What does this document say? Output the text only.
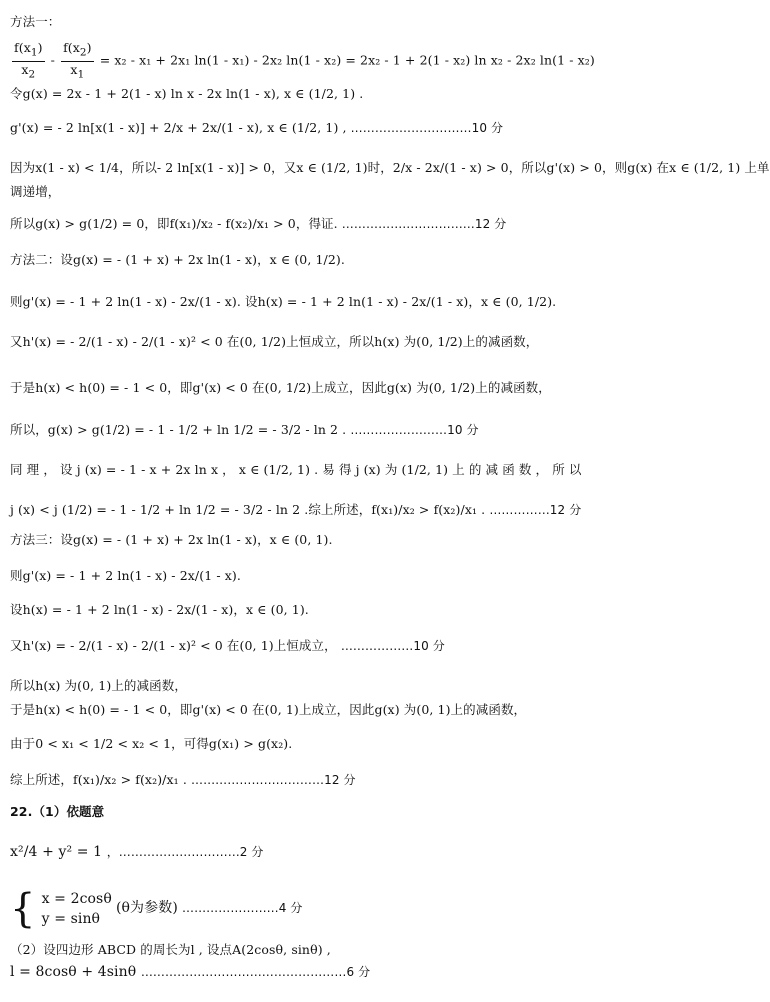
方法一：
$\frac{f(x_1)}{x_2} - \frac{f(x_2)}{x_1} = x_2 - x_1 + 2x_1$ ln(1 - x₁) - 2x₂ ln(1 - x₂) = 2x₂ - 1 + 2(1 - x₂) ln x₂ - 2x₂ ln(1 - x₂)
令g(x) = 2x - 1 + 2(1 - x) ln x - 2x ln(1 - x), x ∈ (1/2, 1) .
g'(x) = - 2 ln[x(1 - x)] + 2/x + 2x/(1 - x), x ∈ (1/2, 1) , …………………………10 分
因为x(1 - x) < 1/4，所以- 2 ln[x(1 - x)] > 0，又x ∈ (1/2, 1)时，2/x - 2x/(1 - x) > 0，所以g'(x) > 0，则g(x) 在x ∈ (1/2, 1) 上单
调递增，
所以g(x) > g(1/2) = 0，即f(x₁)/x₂ - f(x₂)/x₁ > 0，得证. ……………………………12 分
方法二：设g(x) = - (1 + x) + 2x ln(1 - x)，x ∈ (0, 1/2).
则g'(x) = - 1 + 2 ln(1 - x) - 2x/(1 - x). 设h(x) = - 1 + 2 ln(1 - x) - 2x/(1 - x)，x ∈ (0, 1/2).
又h'(x) = - 2/(1 - x) - 2/(1 - x)² < 0 在(0, 1/2)上恒成立，所以h(x) 为(0, 1/2)上的减函数，
于是h(x) < h(0) = - 1 < 0，即g'(x) < 0 在(0, 1/2)上成立，因此g(x) 为(0, 1/2)上的减函数，
所以，g(x) > g(1/2) = - 1 - 1/2 + ln 1/2 = - 3/2 - ln 2 . ……………………10 分
同 理 ， 设 j (x) = - 1 - x + 2x ln x ， x ∈ (1/2, 1) . 易 得 j (x) 为 (1/2, 1) 上 的 减 函 数 ， 所 以
j (x) < j (1/2) = - 1 - 1/2 + ln 1/2 = - 3/2 - ln 2 .综上所述，f(x₁)/x₂ > f(x₂)/x₁ . ……………12 分
方法三：设g(x) = - (1 + x) + 2x ln(1 - x)，x ∈ (0, 1).
则g'(x) = - 1 + 2 ln(1 - x) - 2x/(1 - x).
设h(x) = - 1 + 2 ln(1 - x) - 2x/(1 - x)，x ∈ (0, 1).
又h'(x) = - 2/(1 - x) - 2/(1 - x)² < 0 在(0, 1)上恒成立， ………………10 分
所以h(x) 为(0, 1)上的减函数，
于是h(x) < h(0) = - 1 < 0，即g'(x) < 0 在(0, 1)上成立，因此g(x) 为(0, 1)上的减函数，
由于0 < x₁ < 1/2 < x₂ < 1，可得g(x₁) > g(x₂).
综上所述，f(x₁)/x₂ > f(x₂)/x₁ . ……………………………12 分
22.（1）依题意
x²/4 + y² = 1 ，…………………………2 分
{ x = 2cosθ
y = sinθ
(θ为参数) ……………………4 分
（2）设四边形 ABCD 的周长为l , 设点A(2cosθ, sinθ) ,
l = 8cosθ + 4sinθ ……………………………………………6 分
